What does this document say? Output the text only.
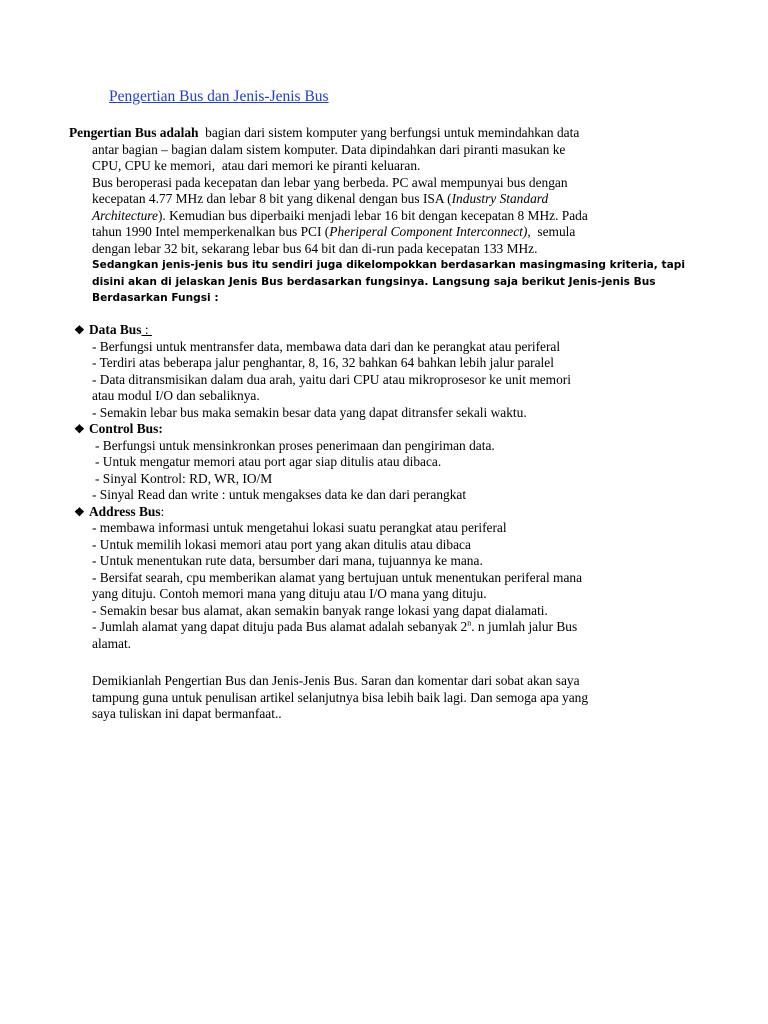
Pengertian Bus dan Jenis-Jenis Bus
Pengertian Bus adalah  bagian dari sistem komputer yang berfungsi untuk memindahkan data
antar bagian – bagian dalam sistem komputer. Data dipindahkan dari piranti masukan ke
CPU, CPU ke memori,  atau dari memori ke piranti keluaran.
Bus beroperasi pada kecepatan dan lebar yang berbeda. PC awal mempunyai bus dengan
kecepatan 4.77 MHz dan lebar 8 bit yang dikenal dengan bus ISA (Industry Standard
Architecture). Kemudian bus diperbaiki menjadi lebar 16 bit dengan kecepatan 8 MHz. Pada
tahun 1990 Intel memperkenalkan bus PCI (Pheriperal Component Interconnect),  semula
dengan lebar 32 bit, sekarang lebar bus 64 bit dan di-run pada kecepatan 133 MHz.
Sedangkan jenis-jenis bus itu sendiri juga dikelompokkan berdasarkan masingmasing kriteria, tapi
disini akan di jelaskan Jenis Bus berdasarkan fungsinya. Langsung saja berikut Jenis-jenis Bus
Berdasarkan Fungsi :
❖ Data Bus :
- Berfungsi untuk mentransfer data, membawa data dari dan ke perangkat atau periferal
- Terdiri atas beberapa jalur penghantar, 8, 16, 32 bahkan 64 bahkan lebih jalur paralel
- Data ditransmisikan dalam dua arah, yaitu dari CPU atau mikroprosesor ke unit memori
atau modul I/O dan sebaliknya.
- Semakin lebar bus maka semakin besar data yang dapat ditransfer sekali waktu.
❖ Control Bus:
- Berfungsi untuk mensinkronkan proses penerimaan dan pengiriman data.
- Untuk mengatur memori atau port agar siap ditulis atau dibaca.
- Sinyal Kontrol: RD, WR, IO/M
- Sinyal Read dan write : untuk mengakses data ke dan dari perangkat
❖ Address Bus:
- membawa informasi untuk mengetahui lokasi suatu perangkat atau periferal
- Untuk memilih lokasi memori atau port yang akan ditulis atau dibaca
- Untuk menentukan rute data, bersumber dari mana, tujuannya ke mana.
- Bersifat searah, cpu memberikan alamat yang bertujuan untuk menentukan periferal mana
yang dituju. Contoh memori mana yang dituju atau I/O mana yang dituju.
- Semakin besar bus alamat, akan semakin banyak range lokasi yang dapat dialamati.
- Jumlah alamat yang dapat dituju pada Bus alamat adalah sebanyak 2$^n$. n jumlah jalur Bus
alamat.
Demikianlah Pengertian Bus dan Jenis-Jenis Bus. Saran dan komentar dari sobat akan saya
tampung guna untuk penulisan artikel selanjutnya bisa lebih baik lagi. Dan semoga apa yang
saya tuliskan ini dapat bermanfaat..
